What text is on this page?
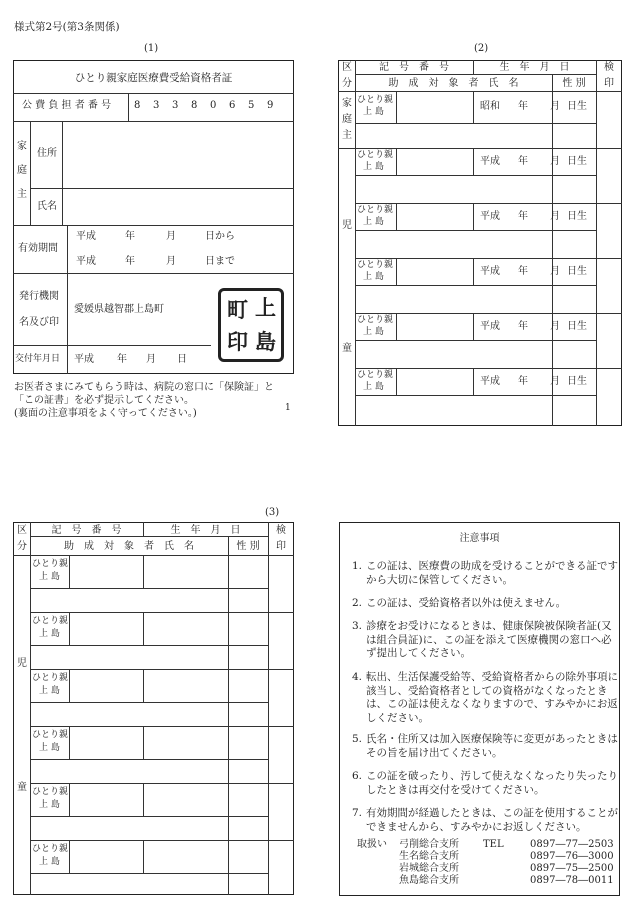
様式第2号(第3条関係)
(1)
ひとり親家庭医療費受給資格者証
公 費 負 担 者 番 号 8 3 3 8 0 6 5 9
家
庭
主
住所
氏名
有効期間
平成	年	月	日から
平成	年	月	日まで
発行機関
名及び印
愛媛県越智郡上島町	上
町
島
印
交付年月日 平成 年 月 日
お医者さまにみてもらう時は、病院の窓口に「保険証」と
「この証書」を必ず提示してください。
(裏面の注意事項をよく守ってください。)	1
(2)
区
分
記　号　番　号	生　年　月　日
助　成　対　象　者　氏　名	性 別
検
印
家
庭
主
ひとり親
上 島	昭和 年 月 日生
児
童
ひとり親
上 島	平成 年 月 日生
ひとり親
上 島	平成 年 月 日生
ひとり親
上 島	平成 年 月 日生
ひとり親
上 島	平成 年 月 日生
ひとり親
上 島	平成 年 月 日生
(3)
区
分
記　号　番　号	生　年　月　日
助　成　対　象　者　氏　名	性 別
検
印
児
童
ひとり親
上 島
ひとり親
上 島
ひとり親
上 島
ひとり親
上 島
ひとり親
上 島
ひとり親
上 島
注意事項
1. この証は、医療費の助成を受けることができる証ですから大切に保管してください。
2. この証は、受給資格者以外は使えません。
3. 診療をお受けになるときは、健康保険被保険者証(又は組合員証)に、この証を添えて医療機関の窓口へ必ず提出してください。
4. 転出、生活保護受給等、受給資格者からの除外事項に該当し、受給資格者としての資格がなくなったときは、この証は使えなくなりますので、すみやかにお返しください。
5. 氏名・住所又は加入医療保険等に変更があったときはその旨を届け出てください。
6. この証を破ったり、汚して使えなくなったり失ったりしたときは再交付を受けてください。
7. 有効期間が経過したときは、この証を使用することができませんから、すみやかにお返しください。
取扱い	TEL
弓削総合支所	0897―77―2503
生名総合支所	0897―76―3000
岩城総合支所	0897―75―2500
魚島総合支所	0897―78―0011
